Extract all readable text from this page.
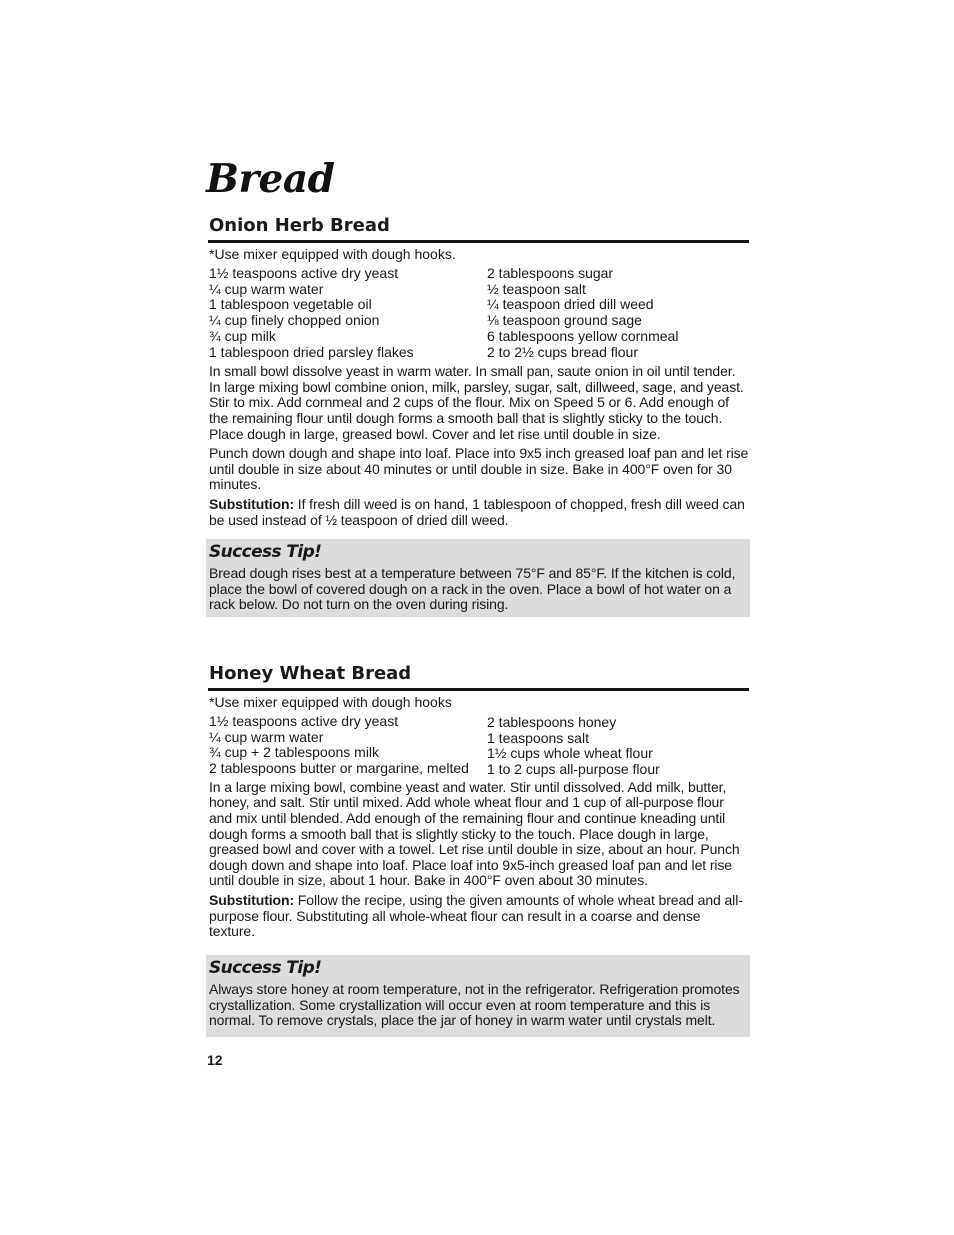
Bread
Onion Herb Bread
*Use mixer equipped with dough hooks.
1½ teaspoons active dry yeast
¼ cup warm water
1 tablespoon vegetable oil
¼ cup finely chopped onion
¾ cup milk
1 tablespoon dried parsley flakes
2 tablespoons sugar
½ teaspoon salt
¼ teaspoon dried dill weed
⅛ teaspoon ground sage
6 tablespoons yellow cornmeal
2 to 2½ cups bread flour

In small bowl dissolve yeast in warm water. In small pan, saute onion in oil until tender. In large mixing bowl combine onion, milk, parsley, sugar, salt, dillweed, sage, and yeast. Stir to mix. Add cornmeal and 2 cups of the flour. Mix on Speed 5 or 6. Add enough of the remaining flour until dough forms a smooth ball that is slightly sticky to the touch. Place dough in large, greased bowl. Cover and let rise until double in size.

Punch down dough and shape into loaf. Place into 9x5 inch greased loaf pan and let rise until double in size about 40 minutes or until double in size. Bake in 400°F oven for 30 minutes.

Substitution: If fresh dill weed is on hand, 1 tablespoon of chopped, fresh dill weed can be used instead of ½ teaspoon of dried dill weed.

Success Tip!
Bread dough rises best at a temperature between 75°F and 85°F. If the kitchen is cold, place the bowl of covered dough on a rack in the oven. Place a bowl of hot water on a rack below. Do not turn on the oven during rising.
Honey Wheat Bread
*Use mixer equipped with dough hooks
1½ teaspoons active dry yeast
¼ cup warm water
¾ cup + 2 tablespoons milk
2 tablespoons butter or margarine, melted
2 tablespoons honey
1 teaspoons salt
1½ cups whole wheat flour
1 to 2 cups all-purpose flour

In a large mixing bowl, combine yeast and water. Stir until dissolved. Add milk, butter, honey, and salt. Stir until mixed. Add whole wheat flour and 1 cup of all-purpose flour and mix until blended. Add enough of the remaining flour and continue kneading until dough forms a smooth ball that is slightly sticky to the touch. Place dough in large, greased bowl and cover with a towel. Let rise until double in size, about an hour. Punch dough down and shape into loaf. Place loaf into 9x5-inch greased loaf pan and let rise until double in size, about 1 hour. Bake in 400°F oven about 30 minutes.

Substitution: Follow the recipe, using the given amounts of whole wheat bread and all-purpose flour. Substituting all whole-wheat flour can result in a coarse and dense texture.

Success Tip!
Always store honey at room temperature, not in the refrigerator. Refrigeration promotes crystallization. Some crystallization will occur even at room temperature and this is normal. To remove crystals, place the jar of honey in warm water until crystals melt.
12
